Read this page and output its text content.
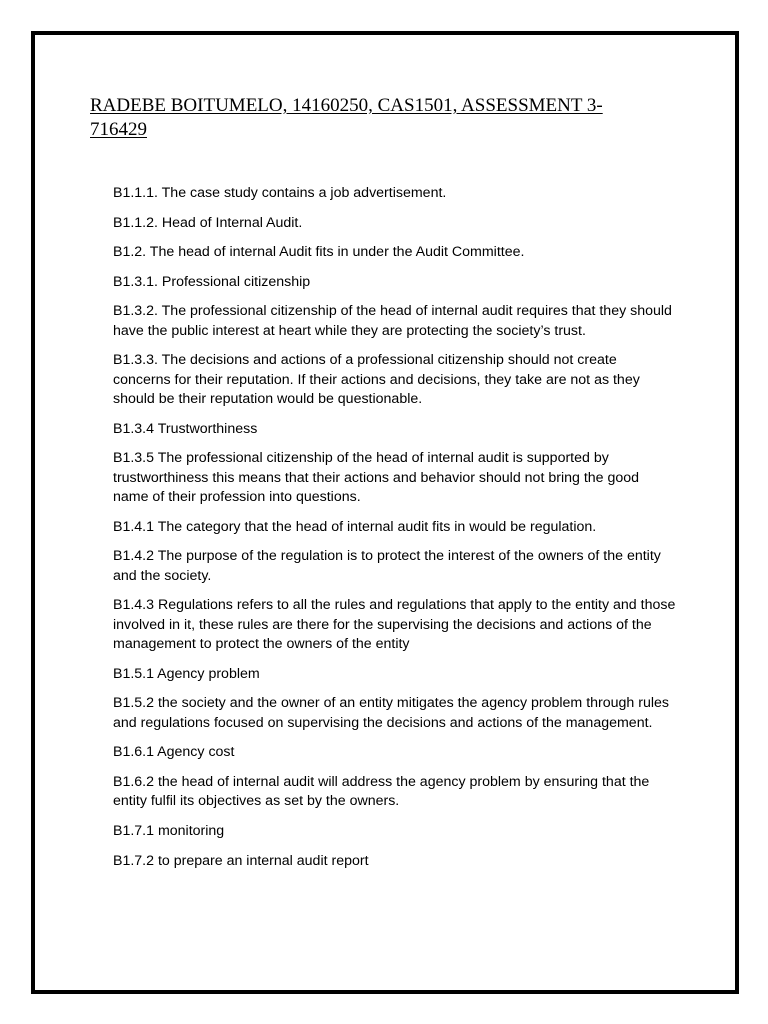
RADEBE BOITUMELO, 14160250, CAS1501, ASSESSMENT 3-716429
B1.1.1. The case study contains a job advertisement.
B1.1.2. Head of Internal Audit.
B1.2. The head of internal Audit fits in under the Audit Committee.
B1.3.1. Professional citizenship
B1.3.2. The professional citizenship of the head of internal audit requires that they should have the public interest at heart while they are protecting the society’s trust.
B1.3.3. The decisions and actions of a professional citizenship should not create concerns for their reputation. If their actions and decisions, they take are not as they should be their reputation would be questionable.
B1.3.4 Trustworthiness
B1.3.5 The professional citizenship of the head of internal audit is supported by trustworthiness this means that their actions and behavior should not bring the good name of their profession into questions.
B1.4.1 The category that the head of internal audit fits in would be regulation.
B1.4.2 The purpose of the regulation is to protect the interest of the owners of the entity and the society.
B1.4.3 Regulations refers to all the rules and regulations that apply to the entity and those involved in it, these rules are there for the supervising the decisions and actions of the management to protect the owners of the entity
B1.5.1 Agency problem
B1.5.2 the society and the owner of an entity mitigates the agency problem through rules and regulations focused on supervising the decisions and actions of the management.
B1.6.1 Agency cost
B1.6.2 the head of internal audit will address the agency problem by ensuring that the entity fulfil its objectives as set by the owners.
B1.7.1 monitoring
B1.7.2 to prepare an internal audit report
